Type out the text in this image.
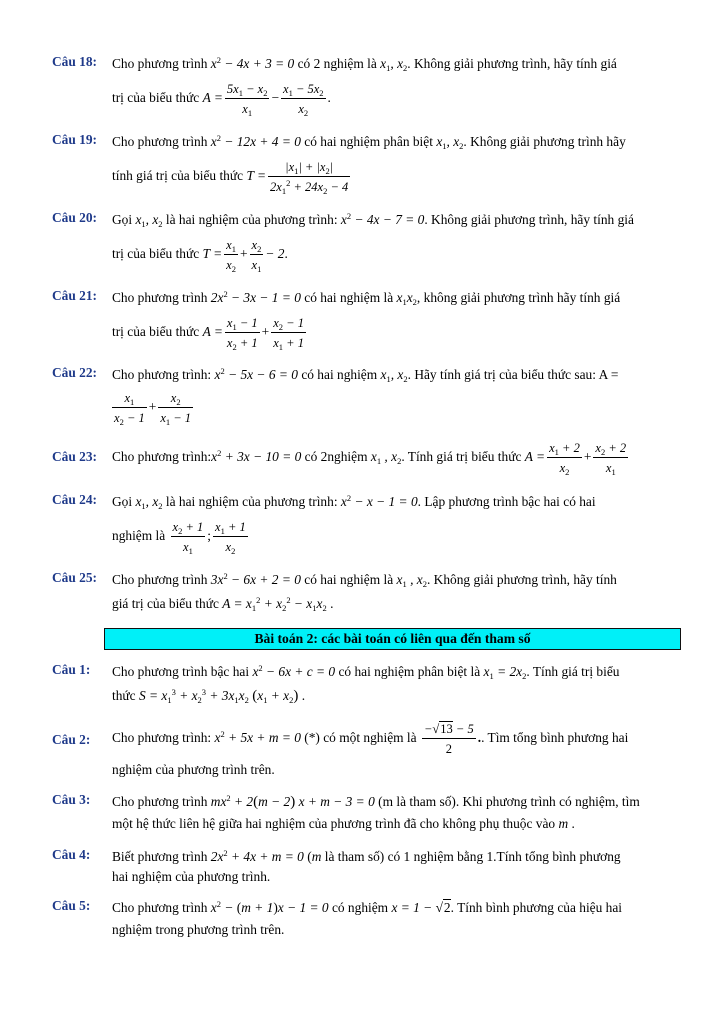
Câu 18: Cho phương trình $x^2 - 4x + 3 = 0$ có 2 nghiệm là $x_1$, $x_2$. Không giải phương trình, hãy tính giá

trị của biểu thức $A = \frac{5x_1 - x_2}{x_1} - \frac{x_1 - 5x_2}{x_2}$ .

Câu 19: Cho phương trình $x^2 - 12x + 4 = 0$ có hai nghiệm phân biệt $x_1$, $x_2$. Không giải phương trình hãy

tính giá trị của biểu thức $T = \frac{|x_1| + |x_2|}{2x_1^2 + 24x_2 - 4}$

Câu 20: Gọi $x_1$, $x_2$ là hai nghiệm của phương trình: $x^2 - 4x - 7 = 0$. Không giải phương trình, hãy tính giá

trị của biểu thức $T = \frac{x_1}{x_2} + \frac{x_2}{x_1} - 2$.

Câu 21: Cho phương trình $2x^2 - 3x - 1 = 0$ có hai nghiệm là $x_1x_2$, không giải phương trình hãy tính giá

trị của biểu thức $A = \frac{x_1 - 1}{x_2 + 1} + \frac{x_2 - 1}{x_1 + 1}$

Câu 22: Cho phương trình: $x^2 - 5x - 6 = 0$ có hai nghiệm $x_1$, $x_2$. Hãy tính giá trị của biểu thức sau: A =

$\frac{x_1}{x_2 - 1} + \frac{x_2}{x_1 - 1}$
Câu 23: Cho phương $trình:x^2 + 3x - 10 = 0$ có 2nghiệm $x_1$ , $x_2$. Tính giá trị biểu thức $A = \frac{x_1 + 2}{x_2} + \frac{x_2 + 2}{x_1}$

Câu 24: Gọi $x_1$, $x_2$ là hai nghiệm của phương trình: $x^2 - x - 1 = 0$. Lập phương trình bậc hai có hai

nghiệm là $\frac{x_2 + 1}{x_1}$ ; $\frac{x_1 + 1}{x_2}$

Câu 25: Cho phương trình $3x^2 - 6x + 2 = 0$ có hai nghiệm là $x_1$ , $x_2$. Không giải phương trình, hãy tính

giá trị của biểu thức $A = x_1^2 + x_2^2 - x_1x_2$ .

Bài toán 2: các bài toán có liên qua đến tham số
Câu 1: Cho phương trình bậc hai $x^2 - 6x + c = 0$ có hai nghiệm phân biệt là $x_1 = 2x_2$. Tính giá trị biểu

thức $S = x_1^3 + x_2^3 + 3x_1x_2$ $(x_1 + x_2)$ .

Câu 2: Cho phương trình: $x^2 + 5x + m = 0$ (*) có một nghiệm là $\frac{-√13 - 5}{2}$ .. Tìm tổng bình phương hai

nghiệm của phương trình trên.

Câu 3: Cho phương trình $mx^2 + 2(m - 2) x + m - 3 = 0$ (m là tham số). Khi phương trình có nghiệm, tìm

một hệ thức liên hệ giữa hai nghiệm của phương trình đã cho không phụ thuộc vào m .

Câu 4: Biết phương trình $2x^2 + 4x + m = 0$ (m là tham số) có 1 nghiệm bằng 1.Tính tổng bình phương

hai nghiệm của phương trình.

Câu 5: Cho phương trình $x^2 - (m + 1)x - 1 = 0$ có nghiệm x = 1 − √2. Tính bình phương của hiệu hai

nghiệm trong phương trình trên.
